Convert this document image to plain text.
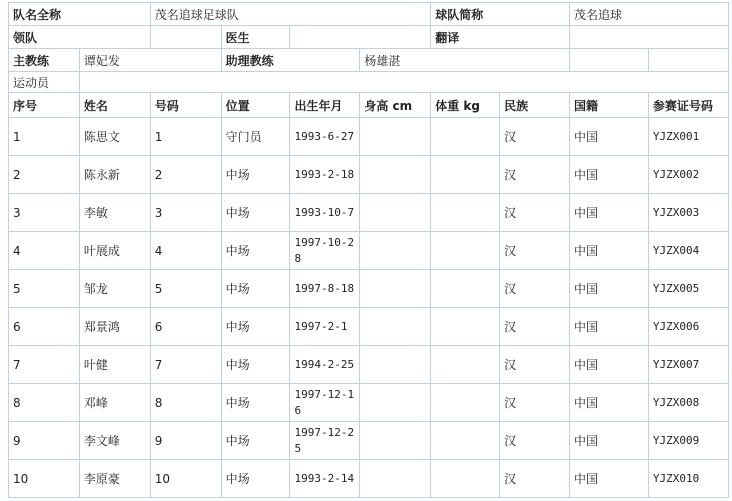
队名全称		茂名追球足球队				球队简称		茂名追球	
领队			医生			翻译			
主教练	谭妃发		助理教练		杨雄湛				
运动员									
序号	姓名	号码	位置	出生年月	身高 cm	体重 kg	民族	国籍	参赛证号码
1	陈思文	1	守门员	1993-6-27			汉	中国	YJZX001
2	陈永新	2	中场	1993-2-18			汉	中国	YJZX002
3	李敏	3	中场	1993-10-7			汉	中国	YJZX003
4	叶展成	4	中场	1997-10-28			汉	中国	YJZX004
5	邹龙	5	中场	1997-8-18			汉	中国	YJZX005
6	郑景鸿	6	中场	1997-2-1			汉	中国	YJZX006
7	叶健	7	中场	1994-2-25			汉	中国	YJZX007
8	邓峰	8	中场	1997-12-16			汉	中国	YJZX008
9	李文峰	9	中场	1997-12-25			汉	中国	YJZX009
10	李原豪	10	中场	1993-2-14			汉	中国	YJZX010
